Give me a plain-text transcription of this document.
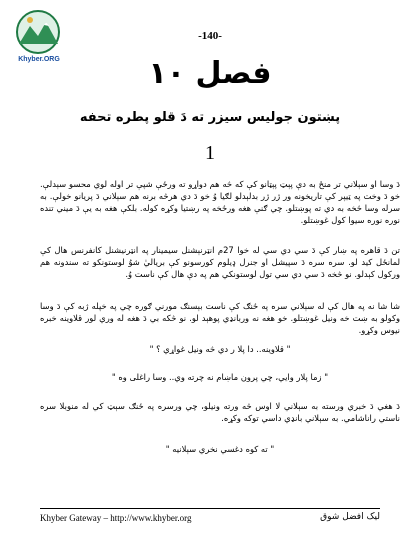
Khyber.ORG
-140-
فصل ۱۰
پښتون جوليس سيزر ته دَ قلو پطره تحفه
1
دَ وسا او سېلاني تر منځ به دې پېټ پېټانو کې که څه هم دواړو ته ورځې شپې تر اوله لوي محسو سېدلې. خو دَ وخت په ټيپر کې تاريخونه ور ژر ژر بدلېدلو لګيا وُ خو دَ دي هرڅه برنه هم سېلاني دَ پريانو خولې. به سرله وسا څخه به دي ته پوښتلو. چي ګنې هغه ورځخه په رښتيا وکړه کوله. بلکې هغه به يې دَ ميني تنده نوره نوره سيوا کول غوښتلو.
تن دَ قاهره په ښار کې دَ سي دي سي له خوا 27م انټرنېشنل سيمينار په انټرنيشنل کانفرنس هال کې لمانځل کيد لو. سره سره دَ سپيشل او جنرل ډيلوم کورسونو کې برياليٰ شوُ لوستونکو ته سندونه هم ورکول کېدلو. نو څخه دَ سي دي سي تول لوستونکي هم په دې هال کې ناست وُ.
شا شا نه په هال کې له سېلاني سره په ځنګ کې ناست بېسنګ مورني ګوره چي په خپله ژبه کې دَ وسا وکولو به ښت خه ونيل غوښتلو. خو هغه نه وربانډي پوهېد لو. نو څکه بي دَ هغه له وري لور قلاوينه خبره نيوس وکړو.
" قلاوينه.. دا پلا ر دي څه ونيل غواړي ؟ "
" زما پلار وايي، چي پرون ماښام نه چرته وي.. وسا راغلی وه "
دَ هغي دَ خبري ورسته به سېلاني لا اوس څه ورته ونيلو، چي ورسره په ځنګ سېټ کي له منوبلا سره ناستي راناشامي. به سېلاني بانډي داسي توکه وکړه.
" ته کوه دغسي نخري سېلانيه "
Khyber Gateway – http://www.khyber.org	ليک افضل شوق
